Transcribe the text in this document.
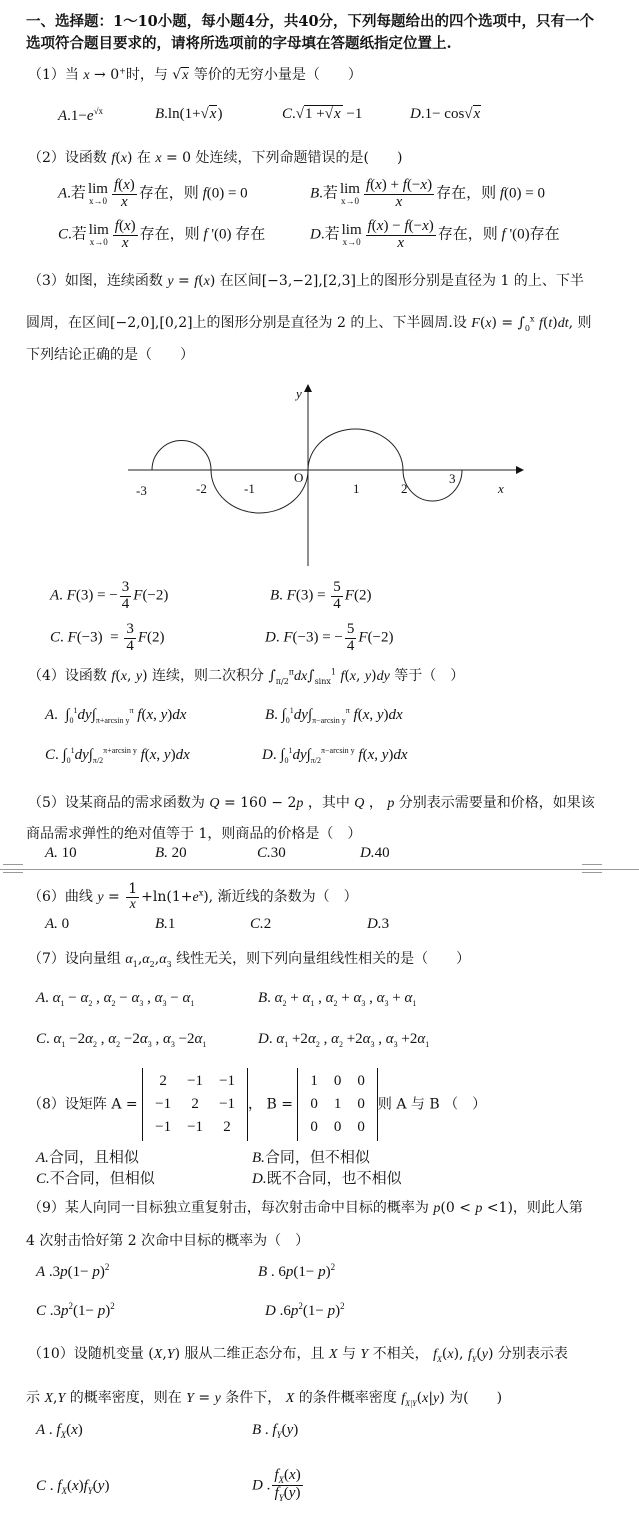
一、选择题：1～10小题，每小题4分，共40分，下列每题给出的四个选项中，只有一个
选项符合题目要求的，请将所选项前的字母填在答题纸指定位置上.
（1）当 x → 0+时，与 √x 等价的无穷小量是（　　）
$A.1-e^{√x}$	B.ln(1+√x)	C.√1 +√x −1	D.1− cos√x
（2）设函数 f(x) 在 x = 0 处连续，下列命题错误的是(　　)
A.若 lim
$x\to 0 \frac{f(x)}{x}$ 存在，则 f(0) = 0	B.若 lim
$x\to 0 \frac{f(x) + f(-x)}{x}$ 存在，则 f(0) = 0
C.若 lim
$x\to 0 \frac{f(x)}{x}$ 存在，则 f '(0) 存在	D.若 lim
$x\to 0 \frac{f(x) - f(-x)}{x}$ 存在，则 f '(0)存在
（3）如图，连续函数 y = f(x) 在区间[−3,−2],[2,3]上的图形分别是直径为 1 的上、下半
圆周，在区间[−2,0],[0,2]上的图形分别是直径为 2 的上、下半圆周.设 $F(x) = \int_0^x$ f(t)dt, 则
下列结论正确的是（　　）
-3	-2	-1	1	2
3
O
x
y
A. F(3) = − $\frac{3}{4} F(-2)$	B. $F(3) = \frac{5}{4} F(2)$
C. $F(-3) = \frac{3}{4} F(2)$	D. F(−3) = − $\frac{5}{4} F(-2)$
（4）设函数 f(x, y) 连续，则二次积分 $\int_{\pi/2}^\pi dx\int_{sinx}^1$ f(x, y)dy 等于（　）
A.  $\int_0^1dy\int_{\pi+arcsin y}^\pi$ f(x, y)dx	B. $\int_0^1dy\int_{\pi-arcsin y}^\pi$ f(x, y)dx
C. $\int_0^1dy\int_{\pi/2}^{\pi+arcsin y}$ f(x, y)dx	D. $\int_0^1dy\int_{\pi/2}^{\pi-arcsin y}$ f(x, y)dx
（5）设某商品的需求函数为 Q = 160 − 2p ，其中 Q ， p 分别表示需要量和价格，如果该
商品需求弹性的绝对值等于 1，则商品的价格是（　）
A. 10	B. 20	C.30	D.40
（6）曲线 $y = \frac{1}{x} +\ln(1+e^x)$, 渐近线的条数为（　）
A. 0	B.1	C.2	D.3
（7）设向量组 $\alpha_1,\alpha_2,\alpha_3$ 线性无关，则下列向量组线性相关的是（　　）
A. $\alpha_1 - \alpha_2$ , $\alpha_2 - \alpha_3$ , $\alpha_3 - \alpha_1$	B. $\alpha_2 + \alpha_1$ , $\alpha_2 + \alpha_3$ , $\alpha_3 + \alpha_1$
C. $\alpha_1 -2\alpha_2$ , $\alpha_2 -2\alpha_3$ , $\alpha_3 -2\alpha_1$	D. $\alpha_1 +2\alpha_2$ , $\alpha_2 +2\alpha_3$ , $\alpha_3 +2\alpha_1$
（8）设矩阵 A =
2	−1	−1
−1	2	−1
−1	−1	2
， B =
1	0	0
0	1	0
0	0	0
则 A 与 B （　）
A.合同，且相似	B.合同，但不相似
C.不合同，但相似	D.既不合同，也不相似
（9）某人向同一目标独立重复射击，每次射击命中目标的概率为 p(0 < p <1)，则此人第
4 次射击恰好第 2 次命中目标的概率为（　）
A $.3p(1- p)^2$	B . $6p(1- p)^2$
C $.3p^2(1- p)^2$	D $.6p^2(1- p)^2$
（10）设随机变量 (X,Y) 服从二维正态分布，且 X 与 Y 不相关， $f_X(x)$, $f_Y(y)$ 分别表示表
示 X,Y 的概率密度，则在 Y = y 条件下， X 的条件概率密度 $f_{X|Y}(x|y)$ 为(　　)
A . $f_X(x)$	B . $f_Y(y)$
C . $f_X(x)f_Y(y)$	D . $\frac{f_X(x)}{f_Y(y)}$
